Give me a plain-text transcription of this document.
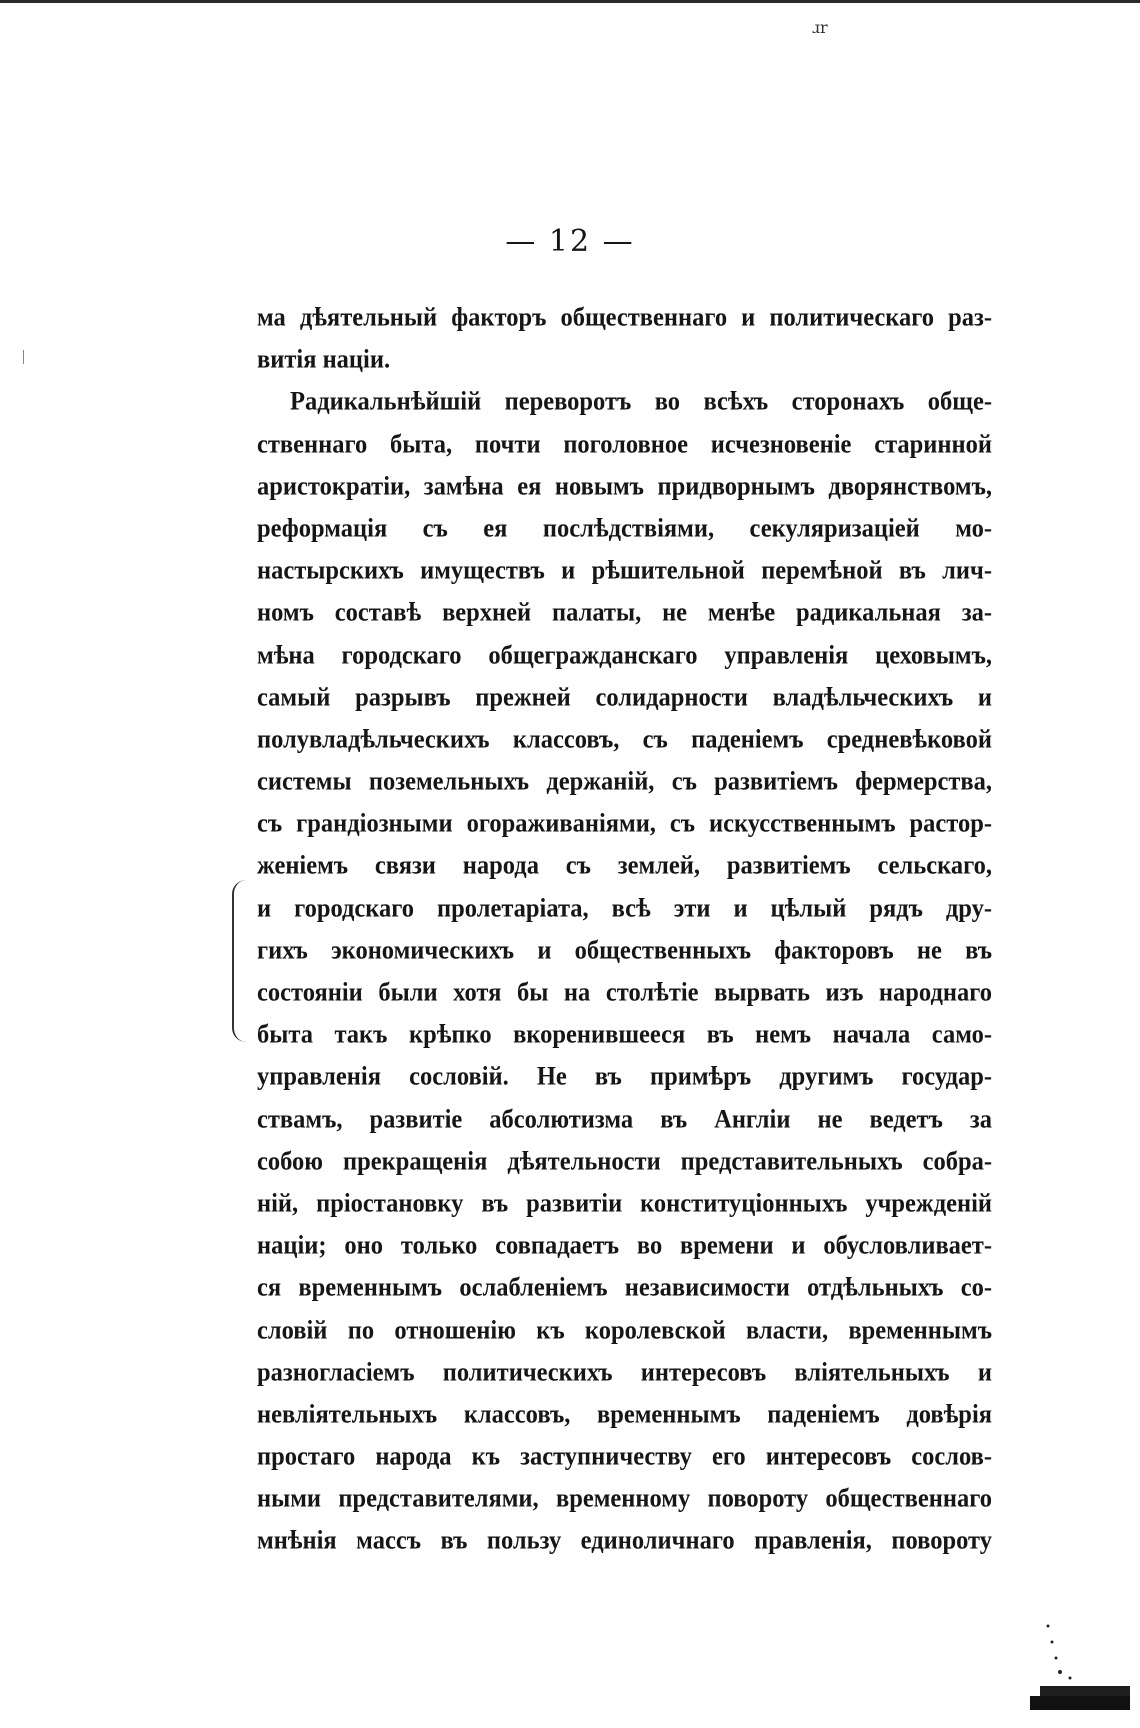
ɹr
— 12 —
ма дѣятельный факторъ общественнаго и политическаго раз-
витія націи.
Радикальнѣйшій переворотъ во всѣхъ сторонахъ обще-
ственнаго быта, почти поголовное исчезновеніе старинной
аристократіи, замѣна ея новымъ придворнымъ дворянствомъ,
реформація съ ея послѣдствіями, секуляризаціей мо-
настырскихъ имуществъ и рѣшительной перемѣной въ лич-
номъ составѣ верхней палаты, не менѣе радикальная за-
мѣна городскаго общегражданскаго управленія цеховымъ,
самый разрывъ прежней солидарности владѣльческихъ и
полувладѣльческихъ классовъ, съ паденіемъ средневѣковой
системы поземельныхъ держаній, съ развитіемъ фермерства,
съ грандіозными огораживаніями, съ искусственнымъ растор-
женіемъ связи народа съ землей, развитіемъ сельскаго,
и городскаго пролетаріата, всѣ эти и цѣлый рядъ дру-
гихъ экономическихъ и общественныхъ факторовъ не въ
состояніи были хотя бы на столѣтіе вырвать изъ народнаго
быта такъ крѣпко вкоренившееся въ немъ начала само-
управленія сословій. Не въ примѣръ другимъ государ-
ствамъ, развитіе абсолютизма въ Англіи не ведетъ за
собою прекращенія дѣятельности представительныхъ собра-
ній, пріостановку въ развитіи конституціонныхъ учрежденій
націи; оно только совпадаетъ во времени и обусловливает-
ся временнымъ ослабленіемъ независимости отдѣльныхъ со-
словій по отношенію къ королевской власти, временнымъ
разногласіемъ политическихъ интересовъ вліятельныхъ и
невліятельныхъ классовъ, временнымъ паденіемъ довѣрія
простаго народа къ заступничеству его интересовъ сослов-
ными представителями, временному повороту общественнаго
мнѣнія массъ въ пользу единоличнаго правленія, повороту
